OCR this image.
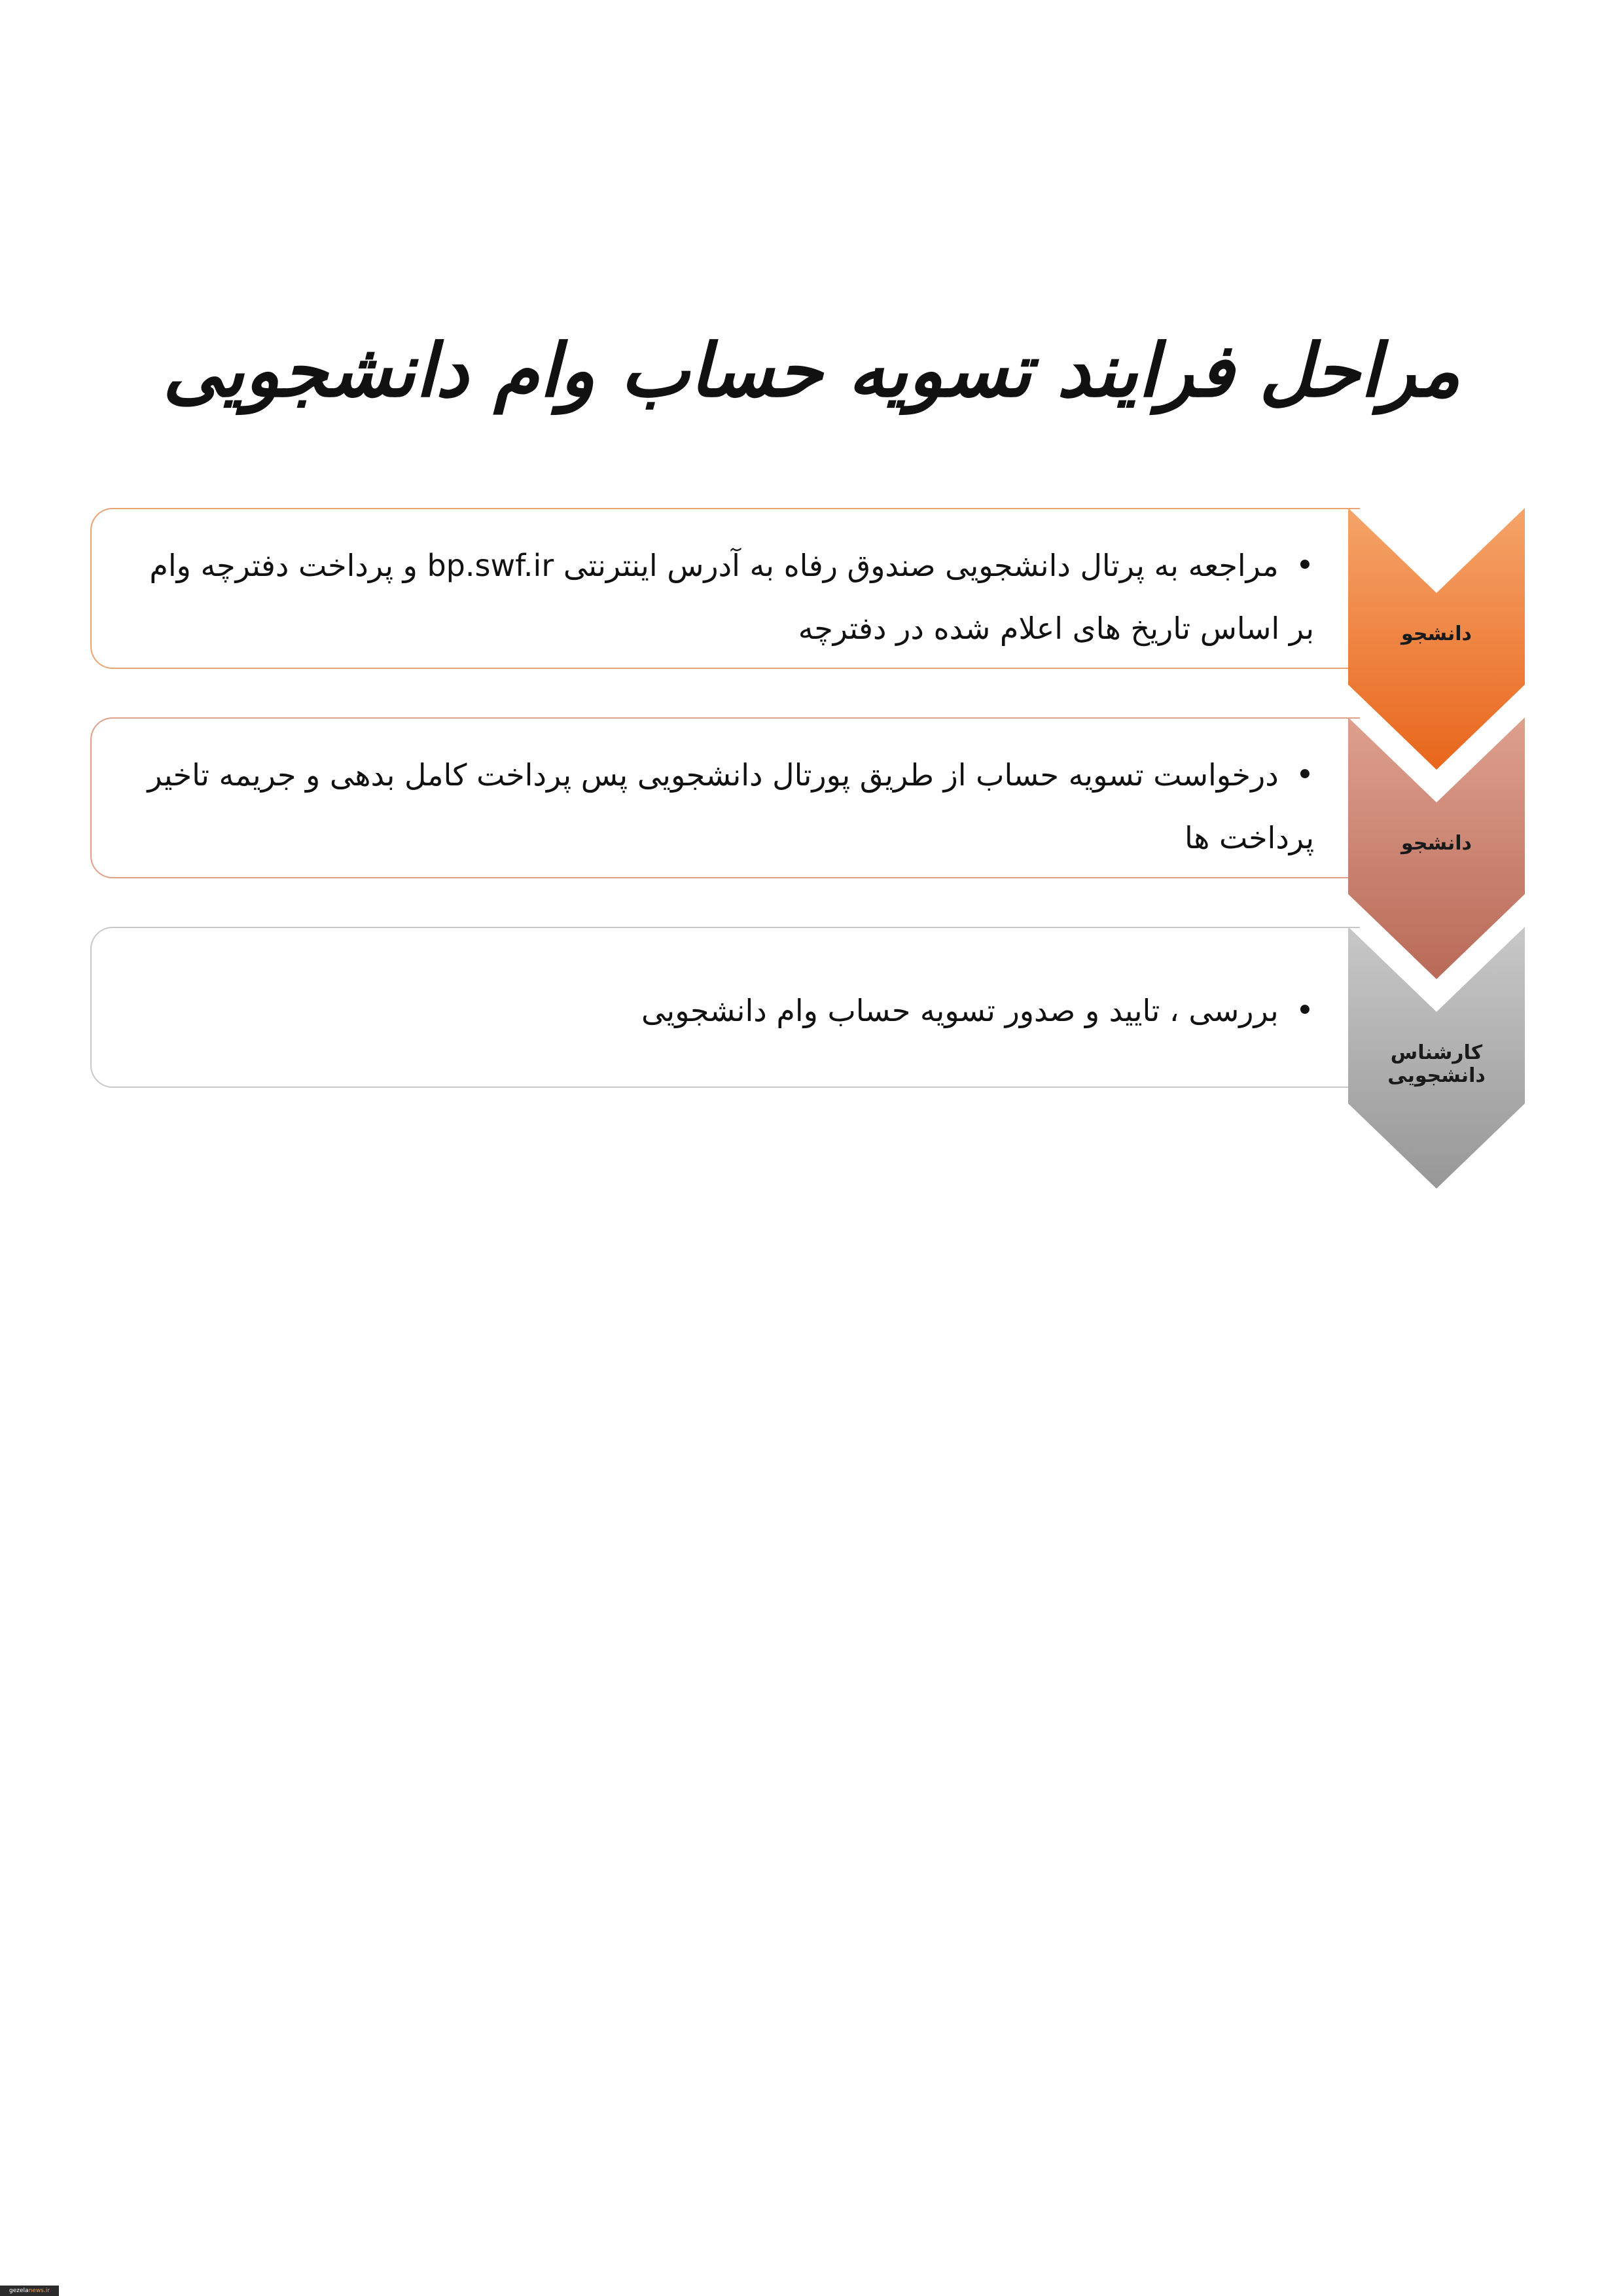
مراحل فرایند تسویه حساب وام دانشجویی
•مراجعه به پرتال دانشجویی صندوق رفاه به آدرس اینترنتی bp.swf.ir و پرداخت دفترچه وام بر اساس تاریخ های اعلام شده در دفترچه	دانشجو
•درخواست تسویه حساب از طریق پورتال دانشجویی پس پرداخت کامل بدهی و جریمه تاخیر پرداخت ها	دانشجو
•بررسی ، تایید و صدور تسویه حساب وام دانشجویی
کارشناس دانشجویی
gezelanews.ir
